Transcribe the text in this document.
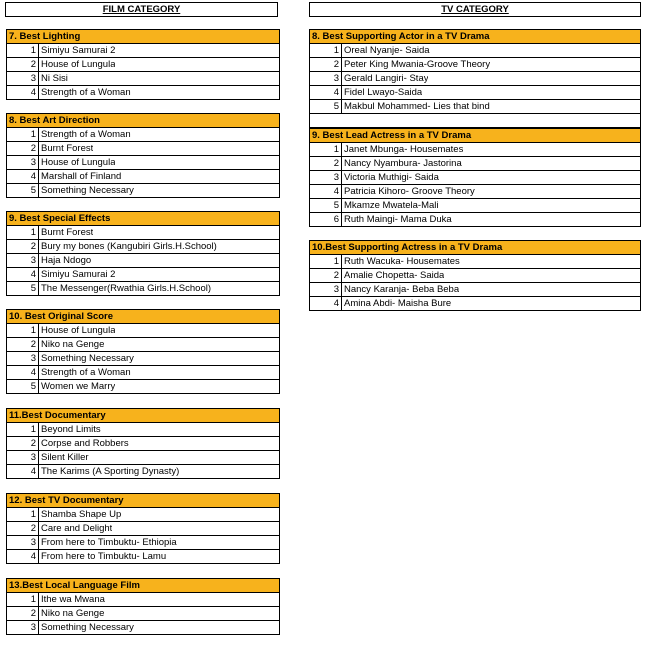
FILM CATEGORY	TV CATEGORY
7. Best Lighting
1 Simiyu Samurai 2
2 House of Lungula
3 Ni Sisi
4 Strength of a Woman
8. Best Art Direction
1 Strength of a Woman
2 Burnt Forest
3 House of Lungula
4 Marshall of Finland
5 Something Necessary
9. Best Special Effects
1 Burnt Forest
2 Bury my bones (Kangubiri Girls.H.School)
3 Haja Ndogo
4 Simiyu Samurai 2
5 The Messenger(Rwathia Girls.H.School)
10. Best Original Score
1 House of Lungula
2 Niko na Genge
3 Something Necessary
4 Strength of a Woman
5 Women we Marry
11.Best Documentary
1 Beyond Limits
2 Corpse and Robbers
3 Silent Killer
4 The Karims (A Sporting Dynasty)
12. Best TV Documentary
1 Shamba Shape Up
2 Care and Delight
3 From here to Timbuktu- Ethiopia
4 From here to Timbuktu- Lamu
13.Best Local Language Film
1 Ithe wa Mwana
2 Niko na Genge
3 Something Necessary
8. Best Supporting Actor in a TV Drama
1 Oreal Nyanje- Saida
2 Peter King Mwania-Groove Theory
3 Gerald Langiri- Stay
4 Fidel Lwayo-Saida
5 Makbul Mohammed- Lies that bind
9. Best Lead Actress in a TV Drama
1 Janet Mbunga- Housemates
2 Nancy Nyambura- Jastorina
3 Victoria Muthigi- Saida
4 Patricia Kihoro- Groove Theory
5 Mkamze Mwatela-Mali
6 Ruth Maingi- Mama Duka
10.Best Supporting Actress in a TV Drama
1 Ruth Wacuka- Housemates
2 Amalie Chopetta- Saida
3 Nancy Karanja- Beba Beba
4 Amina Abdi- Maisha Bure
